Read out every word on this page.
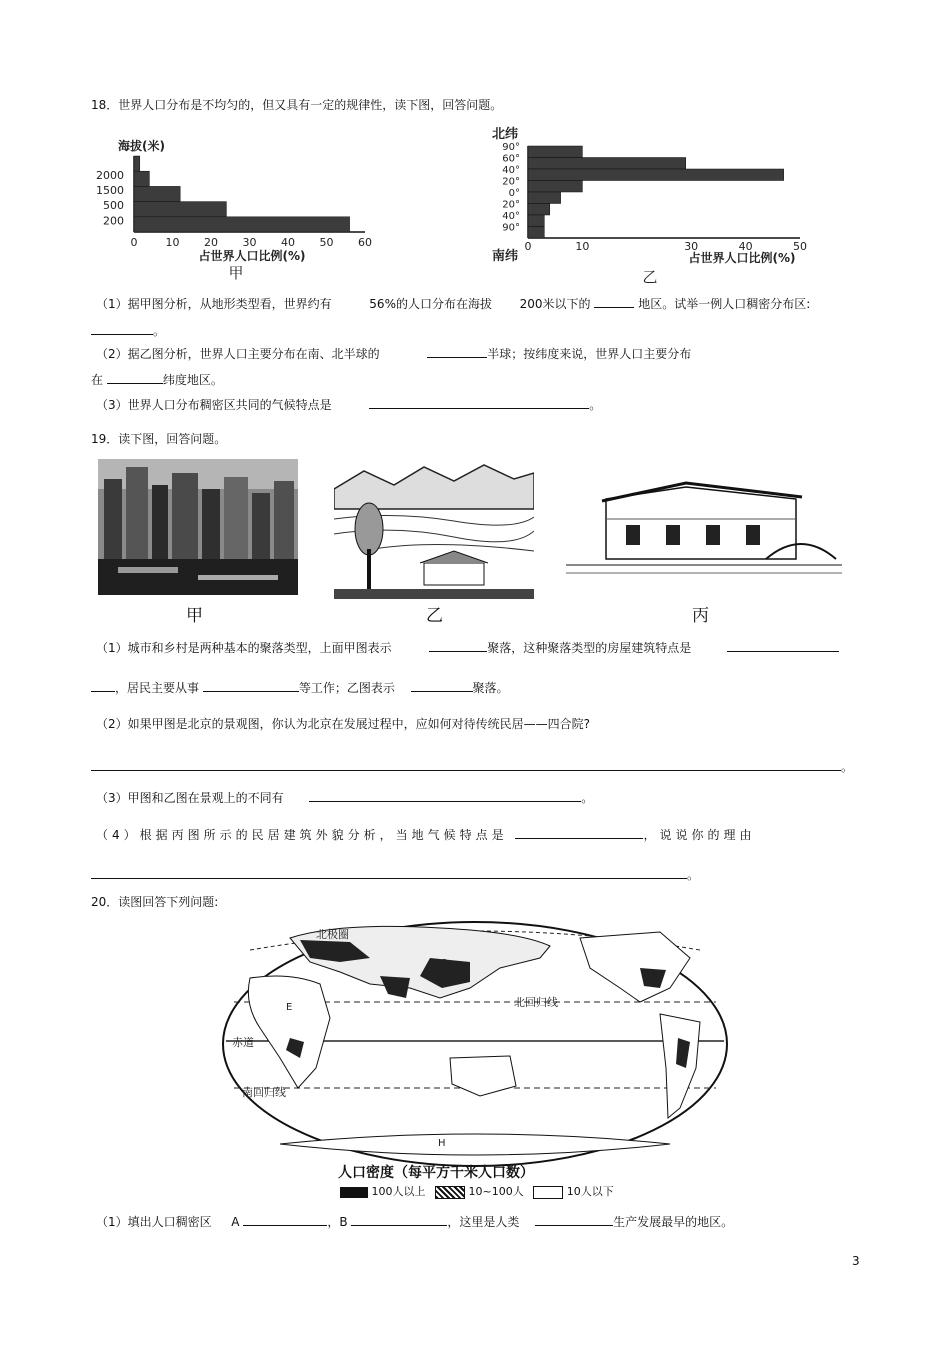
18．世界人口分布是不均匀的，但又具有一定的规律性，读下图，回答问题。
海拔(米)
2000
1500
500
200
0	10 20 30 40 50 60
占世界人口比例(%)
甲
北纬
90°
60°
40°
20°
0°
20°
40°
90°
0	10	30	40	50
南纬	占世界人口比例(%)
乙
（1）据甲图分析，从地形类型看，世界约有	56%的人口分布在海拔 200米以下的	地区。试举一例人口稠密分布区:
。
（2）据乙图分析，世界人口主要分布在南、北半球的	半球；按纬度来说，世界人口主要分布
在	纬度地区。
（3）世界人口分布稠密区共同的气候特点是	。
19．读下图，回答问题。
甲	乙	丙
（1）城市和乡村是两种基本的聚落类型，上面甲图表示	聚落，这种聚落类型的房屋建筑特点是
，居民主要从事	等工作；乙图表示	聚落。
（2）如果甲图是北京的景观图，你认为北京在发展过程中，应如何对待传统民居——四合院?
。
（3）甲图和乙图在景观上的不同有	。
（4）根据丙图所示的民居建筑外貌分析，当地气候特点是	，说说你的理由
。
20．读图回答下列问题:
北极圈
北回归线
赤道
南回归线
C
E
F
H
人口密度（每平方千米人口数）
100人以上	10~100人	10人以下
（1）填出人口稠密区 A	，B	，这里是人类	生产发展最早的地区。
3
